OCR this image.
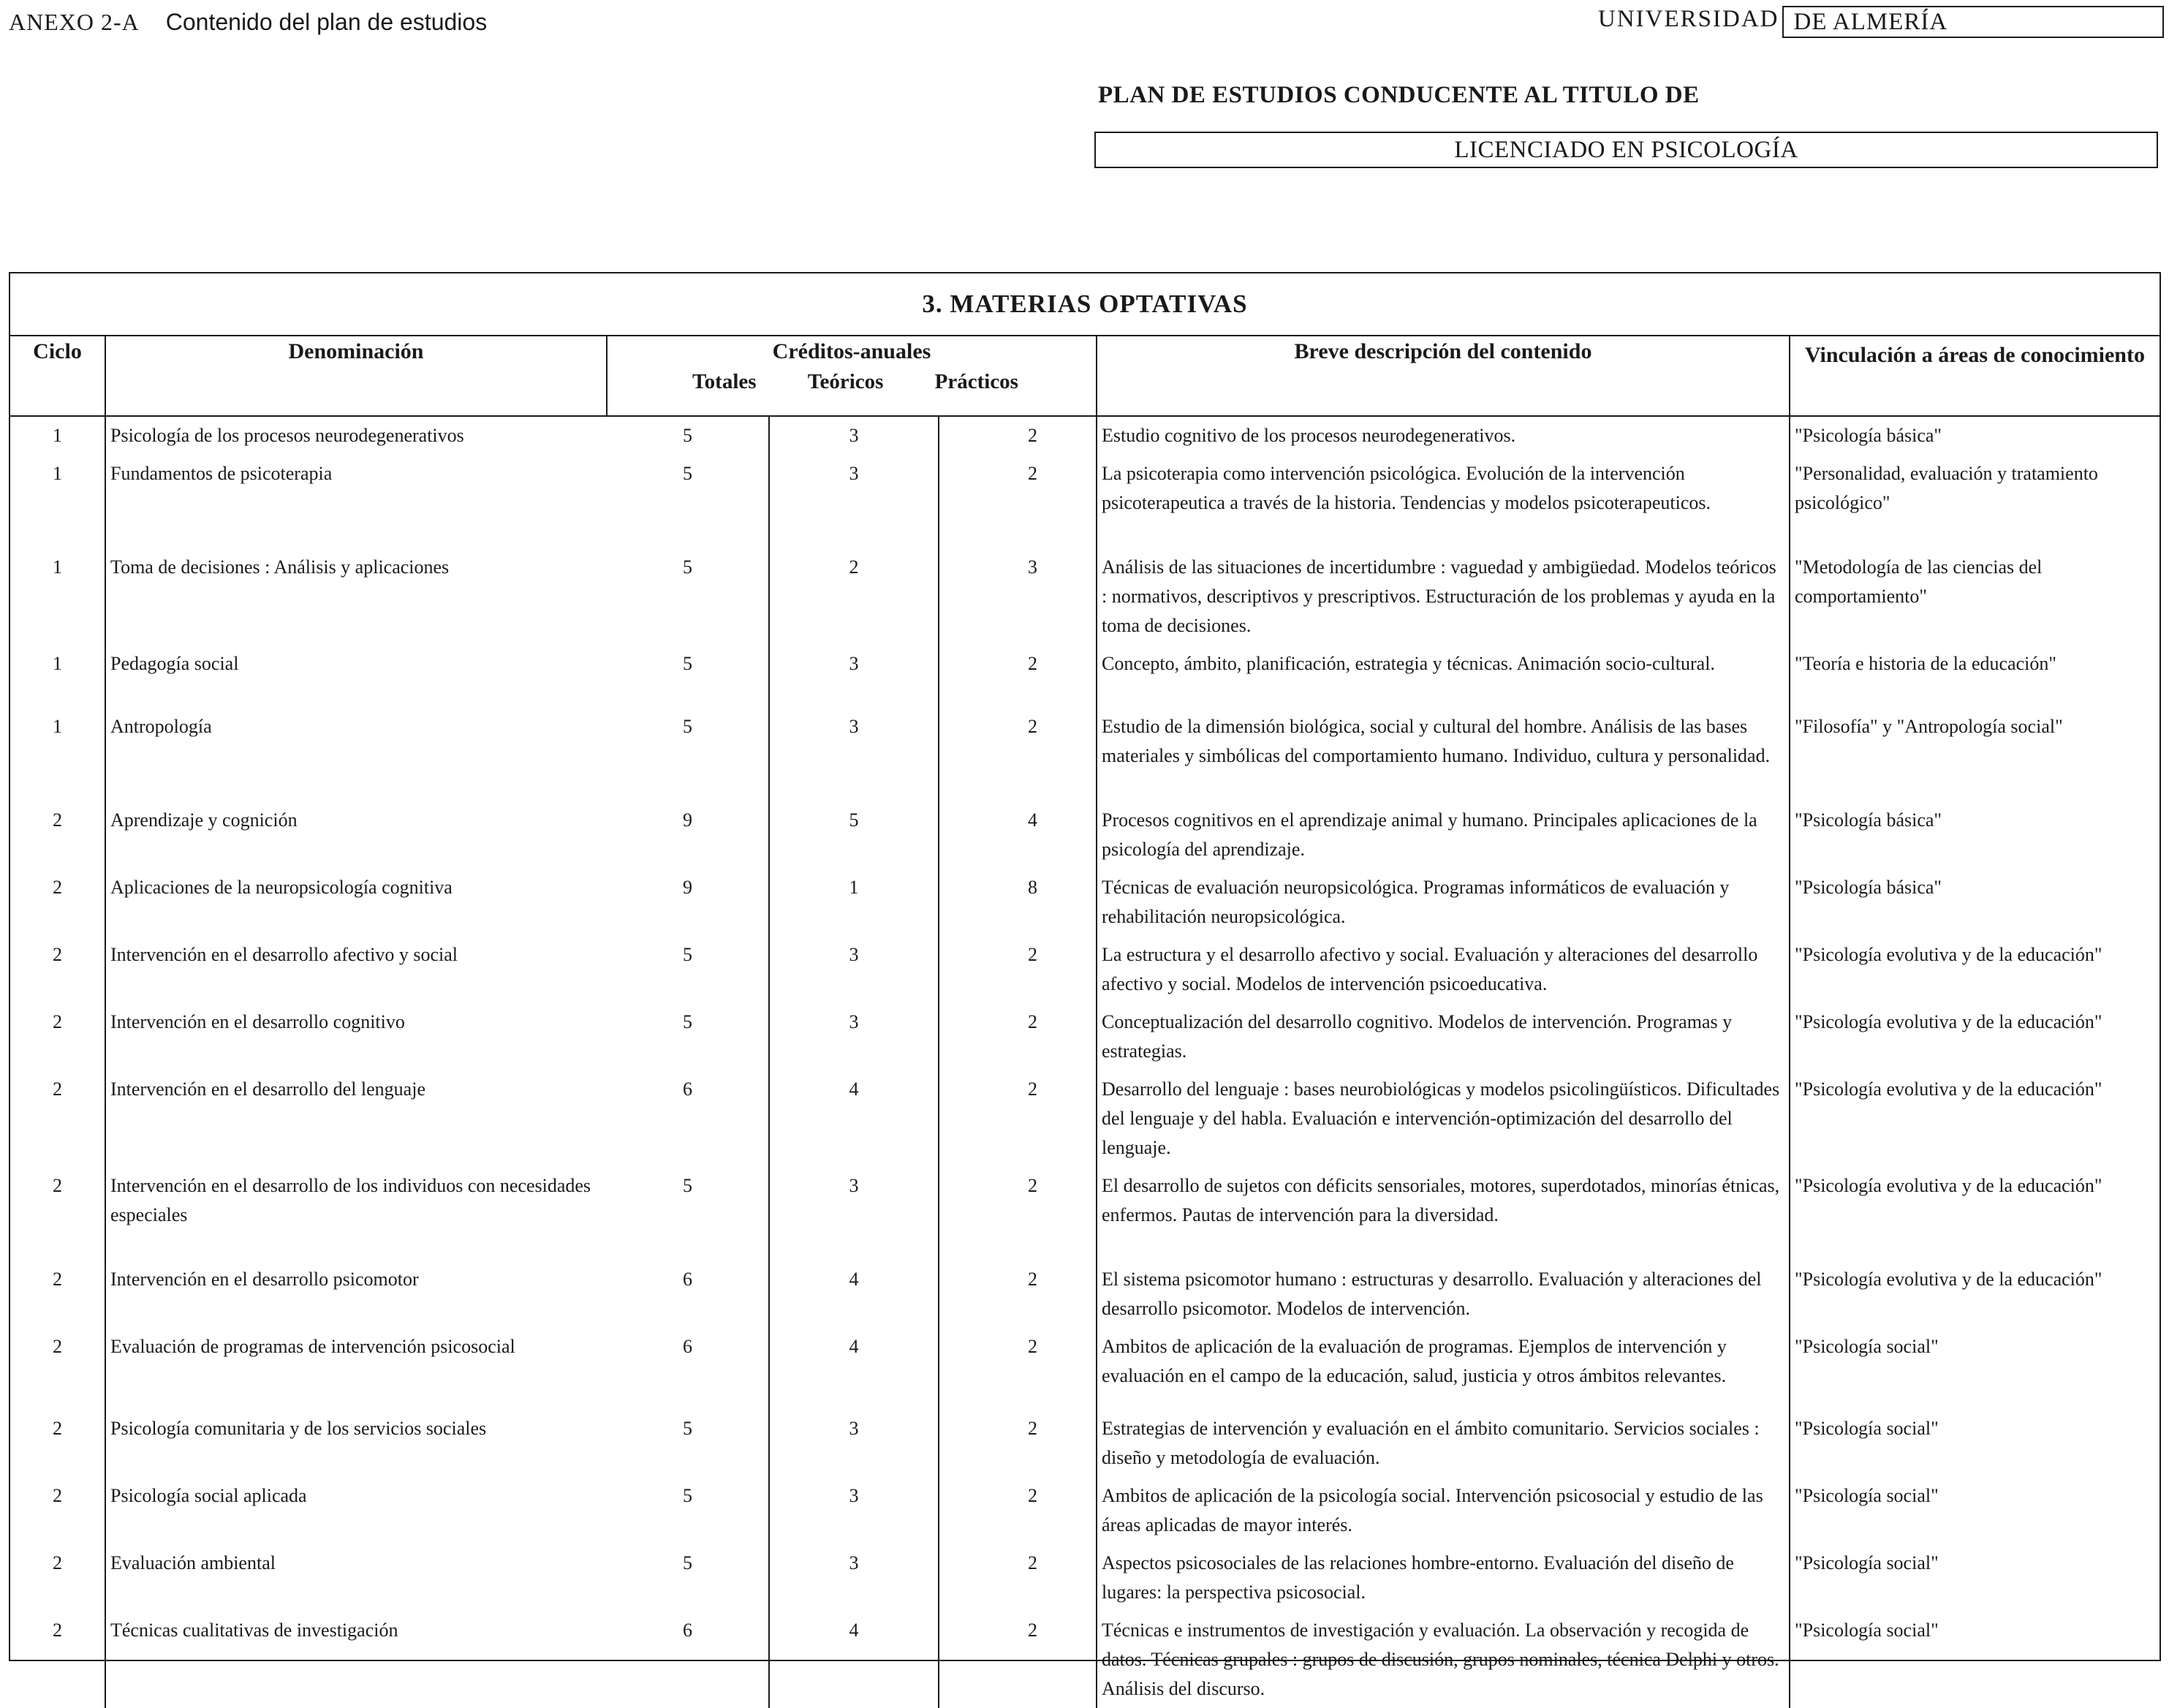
ANEXO 2-A Contenido del plan de estudios	UNIVERSIDAD DE ALMERÍA
PLAN DE ESTUDIOS CONDUCENTE AL TITULO DE
LICENCIADO EN PSICOLOGÍA
3. MATERIAS OPTATIVAS
Ciclo	Denominación	Créditos-anuales
Totales Teóricos Prácticos			Breve descripción del contenido	Vinculación a áreas de conocimiento
1	Psicología de los procesos neurodegenerativos	5	3	2	Estudio cognitivo de los procesos neurodegenerativos.	"Psicología básica"
1	Fundamentos de psicoterapia	5	3	2	La psicoterapia como intervención psicológica. Evolución de la intervención psicoterapeutica a través de la historia. Tendencias y modelos psicoterapeuticos.	"Personalidad, evaluación y tratamiento psicológico"
1	Toma de decisiones : Análisis y aplicaciones	5	2	3	Análisis de las situaciones de incertidumbre : vaguedad y ambigüedad. Modelos teóricos : normativos, descriptivos y prescriptivos. Estructuración de los problemas y ayuda en la toma de decisiones.	"Metodología de las ciencias del comportamiento"
1	Pedagogía social	5	3	2	Concepto, ámbito, planificación, estrategia y técnicas. Animación socio-cultural.	"Teoría e historia de la educación"
1	Antropología	5	3	2	Estudio de la dimensión biológica, social y cultural del hombre. Análisis de las bases materiales y simbólicas del comportamiento humano. Individuo, cultura y personalidad.	"Filosofía" y "Antropología social"
2	Aprendizaje y cognición	9	5	4	Procesos cognitivos en el aprendizaje animal y humano. Principales aplicaciones de la psicología del aprendizaje.	"Psicología básica"
2	Aplicaciones de la neuropsicología cognitiva	9	1	8	Técnicas de evaluación neuropsicológica. Programas informáticos de evaluación y rehabilitación neuropsicológica.	"Psicología básica"
2	Intervención en el desarrollo afectivo y social	5	3	2	La estructura y el desarrollo afectivo y social. Evaluación y alteraciones del desarrollo afectivo y social. Modelos de intervención psicoeducativa.	"Psicología evolutiva y de la educación"
2	Intervención en el desarrollo cognitivo	5	3	2	Conceptualización del desarrollo cognitivo. Modelos de intervención. Programas y estrategias.	"Psicología evolutiva y de la educación"
2	Intervención en el desarrollo del lenguaje	6	4	2	Desarrollo del lenguaje : bases neurobiológicas y modelos psicolingüísticos. Dificultades del lenguaje y del habla. Evaluación e intervención-optimización del desarrollo del lenguaje.	"Psicología evolutiva y de la educación"
2	Intervención en el desarrollo de los individuos con necesidades especiales	5	3	2	El desarrollo de sujetos con déficits sensoriales, motores, superdotados, minorías étnicas, enfermos. Pautas de intervención para la diversidad.	"Psicología evolutiva y de la educación"
2	Intervención en el desarrollo psicomotor	6	4	2	El sistema psicomotor humano : estructuras y desarrollo. Evaluación y alteraciones del desarrollo psicomotor. Modelos de intervención.	"Psicología evolutiva y de la educación"
2	Evaluación de programas de intervención psicosocial	6	4	2	Ambitos de aplicación de la evaluación de programas. Ejemplos de intervención y evaluación en el campo de la educación, salud, justicia y otros ámbitos relevantes.	"Psicología social"
2	Psicología comunitaria y de los servicios sociales	5	3	2	Estrategias de intervención y evaluación en el ámbito comunitario. Servicios sociales : diseño y metodología de evaluación.	"Psicología social"
2	Psicología social aplicada	5	3	2	Ambitos de aplicación de la psicología social. Intervención psicosocial y estudio de las áreas aplicadas de mayor interés.	"Psicología social"
2	Evaluación ambiental	5	3	2	Aspectos psicosociales de las relaciones hombre-entorno. Evaluación del diseño de lugares: la perspectiva psicosocial.	"Psicología social"
2	Técnicas cualitativas de investigación	6	4	2	Técnicas e instrumentos de investigación y evaluación. La observación y recogida de datos. Técnicas grupales : grupos de discusión, grupos nominales, técnica Delphi y otros. Análisis del discurso.	"Psicología social"
